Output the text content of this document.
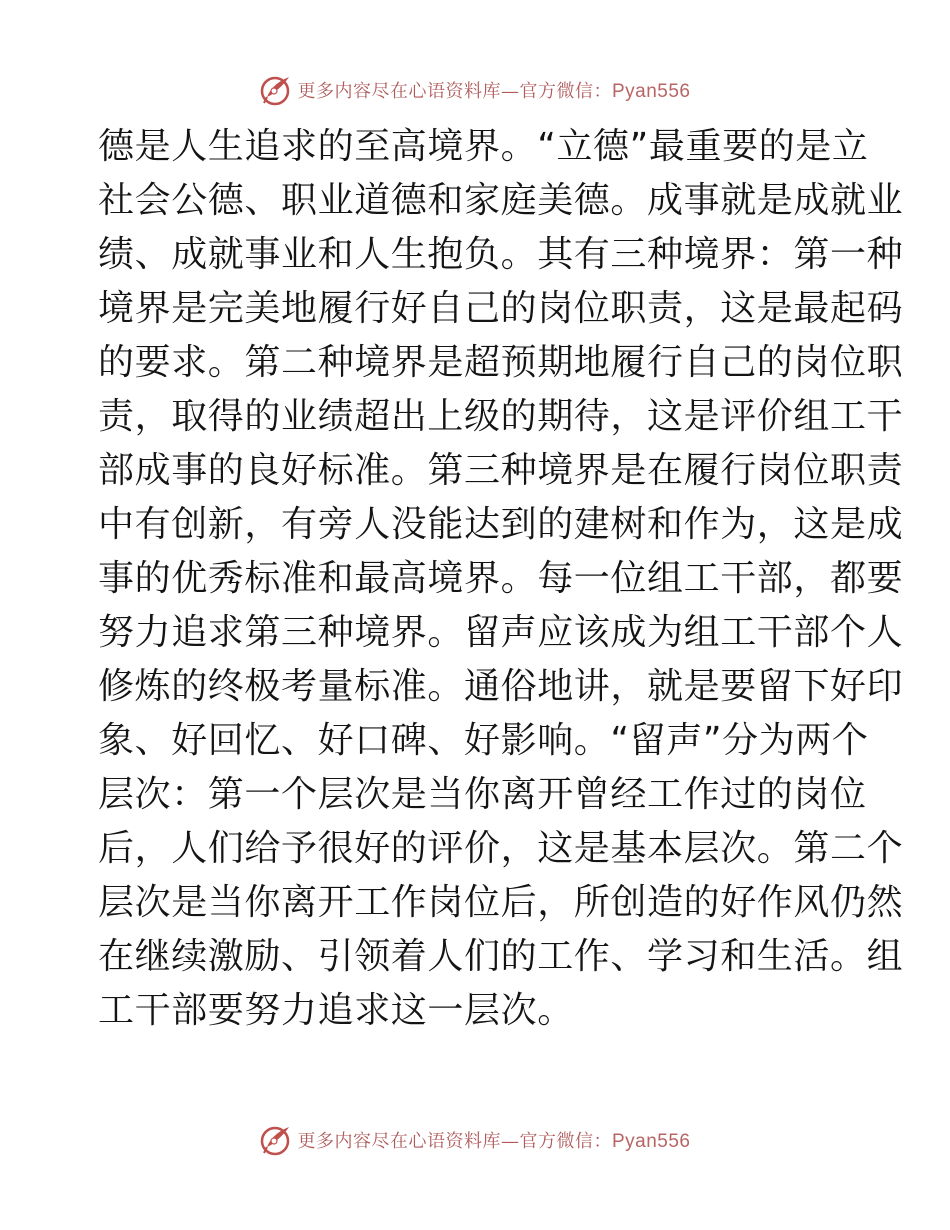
更多内容尽在心语资料库—官方微信：Pyan556
德是人生追求的至高境界。“立德”最重要的是立
社会公德、职业道德和家庭美德。成事就是成就业
绩、成就事业和人生抱负。其有三种境界：第一种
境界是完美地履行好自己的岗位职责，这是最起码
的要求。第二种境界是超预期地履行自己的岗位职
责，取得的业绩超出上级的期待，这是评价组工干
部成事的良好标准。第三种境界是在履行岗位职责
中有创新，有旁人没能达到的建树和作为，这是成
事的优秀标准和最高境界。每一位组工干部，都要
努力追求第三种境界。留声应该成为组工干部个人
修炼的终极考量标准。通俗地讲，就是要留下好印
象、好回忆、好口碑、好影响。“留声”分为两个
层次：第一个层次是当你离开曾经工作过的岗位
后，人们给予很好的评价，这是基本层次。第二个
层次是当你离开工作岗位后，所创造的好作风仍然
在继续激励、引领着人们的工作、学习和生活。组
工干部要努力追求这一层次。
更多内容尽在心语资料库—官方微信：Pyan556
